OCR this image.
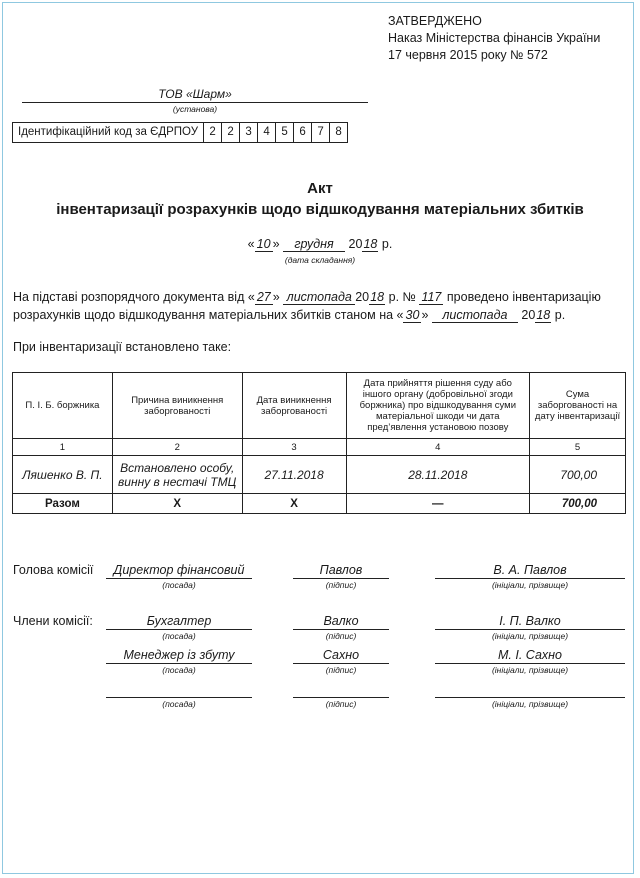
ЗАТВЕРДЖЕНО
Наказ Міністерства фінансів України
17 червня 2015 року № 572
ТОВ «Шарм»
(установа)
Ідентифікаційний код за ЄДРПОУ 2	2	3	4	5	6	7	8
Акт
інвентаризації розрахунків щодо відшкодування матеріальних збитків
« 10 » грудня 2018 р.
(дата складання)
На підставі розпорядчого документа від « 27 » листопада 2018 р. № 117 проведено інвентаризацію
розрахунків щодо відшкодування матеріальних збитків станом на « 30 » листопада 2018 р.
При інвентаризації встановлено таке:
П. І. Б. боржника	Причина виникнення заборгованості	Дата виникнення заборгованості	Дата прийняття рішення суду або іншого органу (добровільної згоди боржника) про відшкодування суми матеріальної шкоди чи дата пред’явлення установою позову	Сума заборгованості на дату інвентаризації
1	2	3	4	5
Ляшенко В. П.	Встановлено особу, винну в нестачі ТМЦ	27.11.2018	28.11.2018	700,00
Разом	Х	Х	—	700,00
Голова комісії	Директор фінансовий	Павлов	В. А. Павлов
(посада)	(підпис)	(ініціали, прізвище)
Члени комісії:	Бухгалтер	Валко	І. П. Валко
(посада)	(підпис)	(ініціали, прізвище)
Менеджер із збуту	Сахно	М. І. Сахно
(посада)	(підпис)	(ініціали, прізвище)
(посада)	(підпис)	(ініціали, прізвище)
